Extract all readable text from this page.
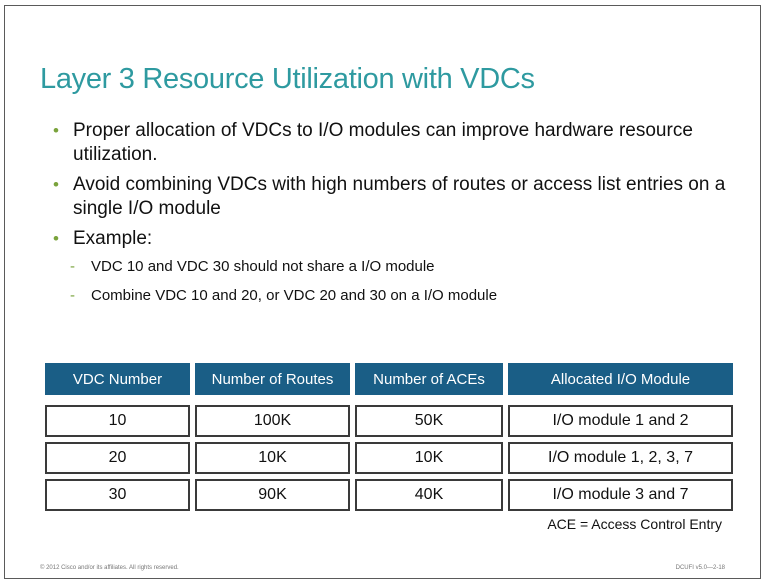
Layer 3 Resource Utilization with VDCs
• Proper allocation of VDCs to I/O modules can improve hardware resource utilization.
• Avoid combining VDCs with high numbers of routes or access list entries on a single I/O module
• Example:
- VDC 10 and VDC 30 should not share a I/O module
- Combine VDC 10 and 20, or VDC 20 and 30 on a I/O module
VDC Number	Number of Routes	Number of ACEs	Allocated I/O Module
10	100K	50K	I/O module 1 and 2
20	10K	10K	I/O module 1, 2, 3, 7
30	90K	40K	I/O module 3 and 7
ACE = Access Control Entry
© 2012 Cisco and/or its affiliates. All rights reserved.	DCUFI v5.0—2-18
